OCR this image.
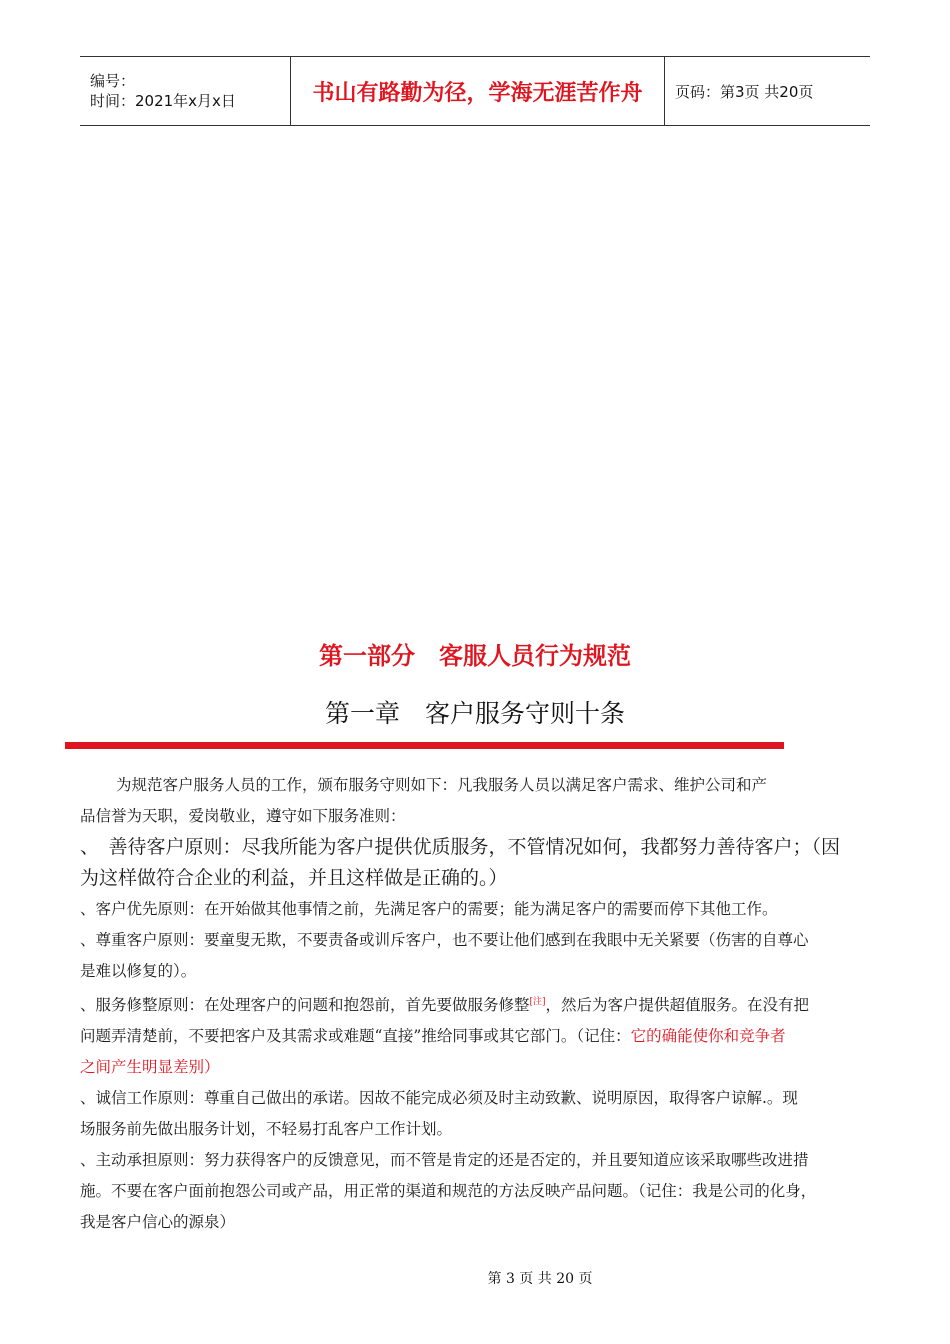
编号：
时间：2021年x月x日	书山有路勤为径，学海无涯苦作舟	页码：第3页 共20页
第一部分　客服人员行为规范
第一章　客户服务守则十条

为规范客户服务人员的工作，颁布服务守则如下：凡我服务人员以满足客户需求、维护公司和产

品信誉为天职，爱岗敬业，遵守如下服务准则：

、　善待客户原则：尽我所能为客户提供优质服务，不管情况如何，我都努力善待客户；（因

为这样做符合企业的利益，并且这样做是正确的。）

、客户优先原则：在开始做其他事情之前，先满足客户的需要；能为满足客户的需要而停下其他工作。

、尊重客户原则：要童叟无欺，不要责备或训斥客户，也不要让他们感到在我眼中无关紧要（伤害的自尊心

是难以修复的）。

、服务修整原则：在处理客户的问题和抱怨前，首先要做服务修整[注]，然后为客户提供超值服务。在没有把

问题弄清楚前，不要把客户及其需求或难题“直接”推给同事或其它部门。（记住：它的确能使你和竞争者

之间产生明显差别）

、诚信工作原则：尊重自己做出的承诺。因故不能完成必须及时主动致歉、说明原因，取得客户谅解.。现

场服务前先做出服务计划，不轻易打乱客户工作计划。

、主动承担原则：努力获得客户的反馈意见，而不管是肯定的还是否定的，并且要知道应该采取哪些改进措

施。不要在客户面前抱怨公司或产品，用正常的渠道和规范的方法反映产品问题。（记住：我是公司的化身，

我是客户信心的源泉）

第 3 页 共 20 页
